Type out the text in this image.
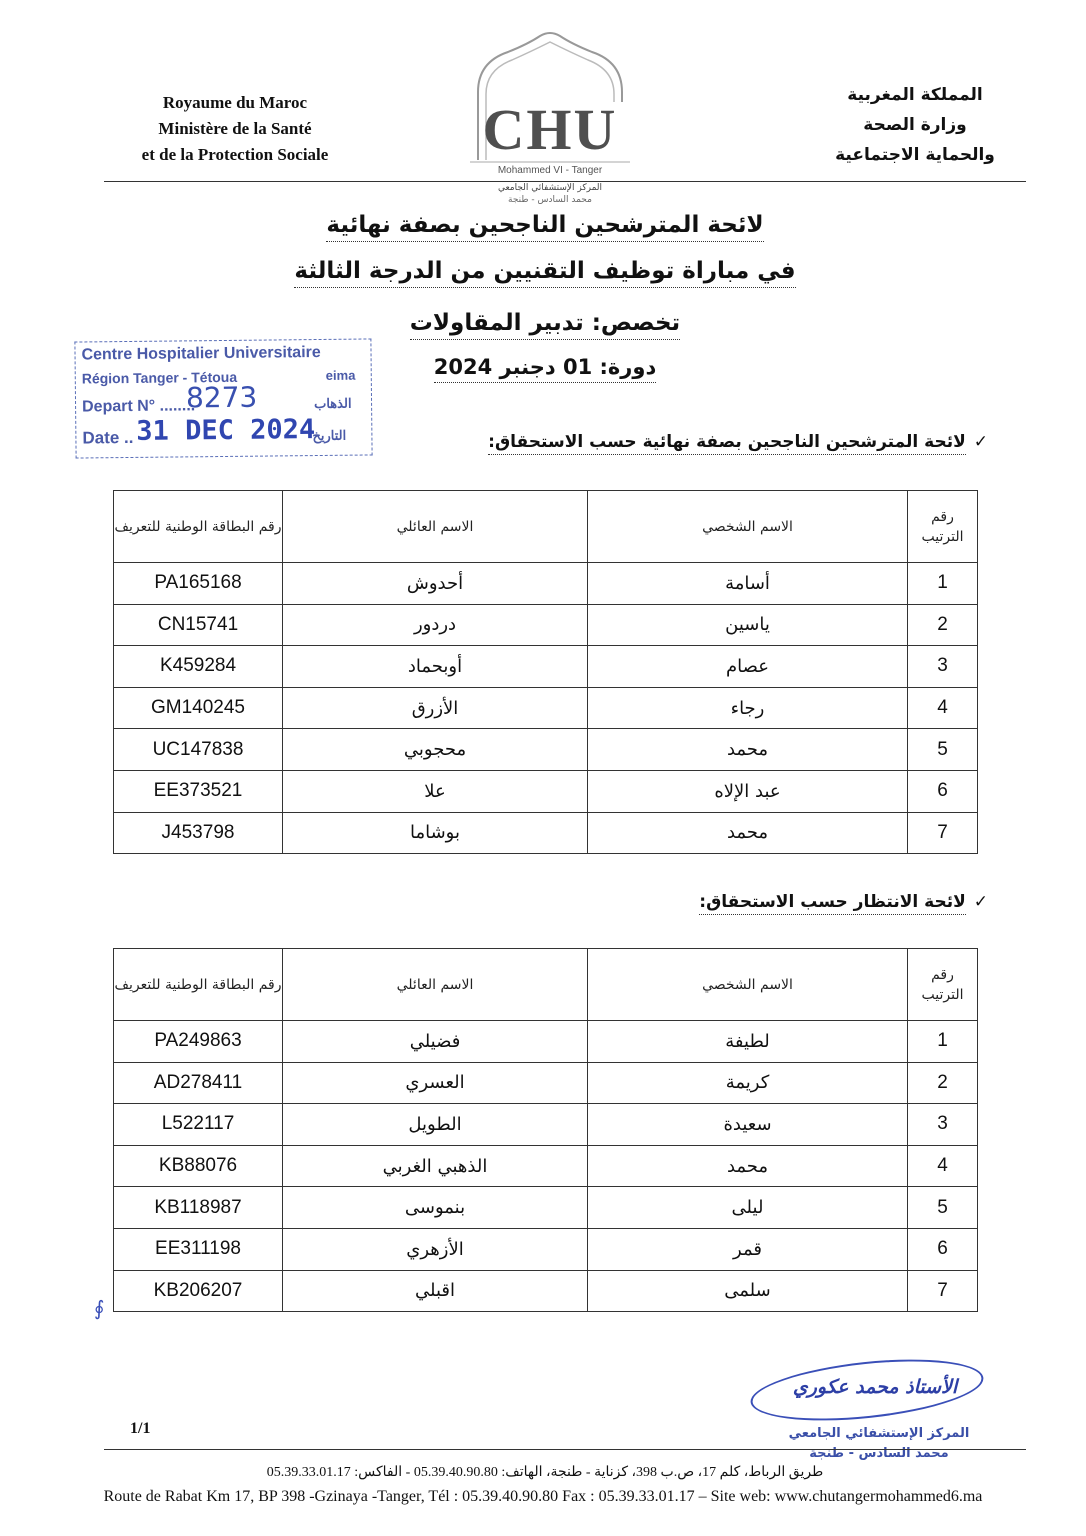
Royaume du Maroc
Ministère de la Santé
et de la Protection Sociale	CHU
Mohammed VI - Tanger
المركز الإستشفائي الجامعي
محمد السادس - طنجة
المملكة المغربية
وزارة الصحة
والحماية الاجتماعية
لائحة المترشحين الناجحين بصفة نهائية
في مباراة توظيف التقنيين من الدرجة الثالثة
تخصص: تدبير المقاولات
دورة: 01 دجنبر 2024
Centre Hospitalier Universitaire
Région Tanger - Tétoua	eima
Depart N° ........
8273	الذهاب
Date .. 31 DEC 2024
التاريخ	✓لائحة المترشحين الناجحين بصفة نهائية حسب الاستحقاق:
رقم الترتيب	الاسم الشخصي	الاسم العائلي	رقم البطاقة الوطنية للتعريف
1	أسامة	أحدوش	PA165168
2	ياسين	دردور	CN15741
3	عصام	أوبحماد	K459284
4	رجاء	الأزرق	GM140245
5	محمد	محجوبي	UC147838
6	عبد الإلاه	علا	EE373521
7	محمد	بوشاما	J453798
✓لائحة الانتظار حسب الاستحقاق:
رقم الترتيب	الاسم الشخصي	الاسم العائلي	رقم البطاقة الوطنية للتعريف
1	لطيفة	فضيلي	PA249863
2	كريمة	العسري	AD278411
3	سعيدة	الطويل	L522117
4	محمد	الذهبي الغربي	KB88076
5	ليلى	بنموسى	KB118987
6	قمر	الأزهري	EE311198
7	سلمى	اقبلي	KB206207
∮
الأستاذ محمد عكوري
المركز الإستشفائي الجامعي
محمد السادس - طنجة
1/1
طريق الرباط، كلم 17، ص.ب 398، كزناية - طنجة، الهاتف: 05.39.40.90.80 - الفاكس: 05.39.33.01.17
Route de Rabat Km 17, BP 398 -Gzinaya -Tanger, Tél : 05.39.40.90.80 Fax : 05.39.33.01.17 – Site web: www.chutangermohammed6.ma
